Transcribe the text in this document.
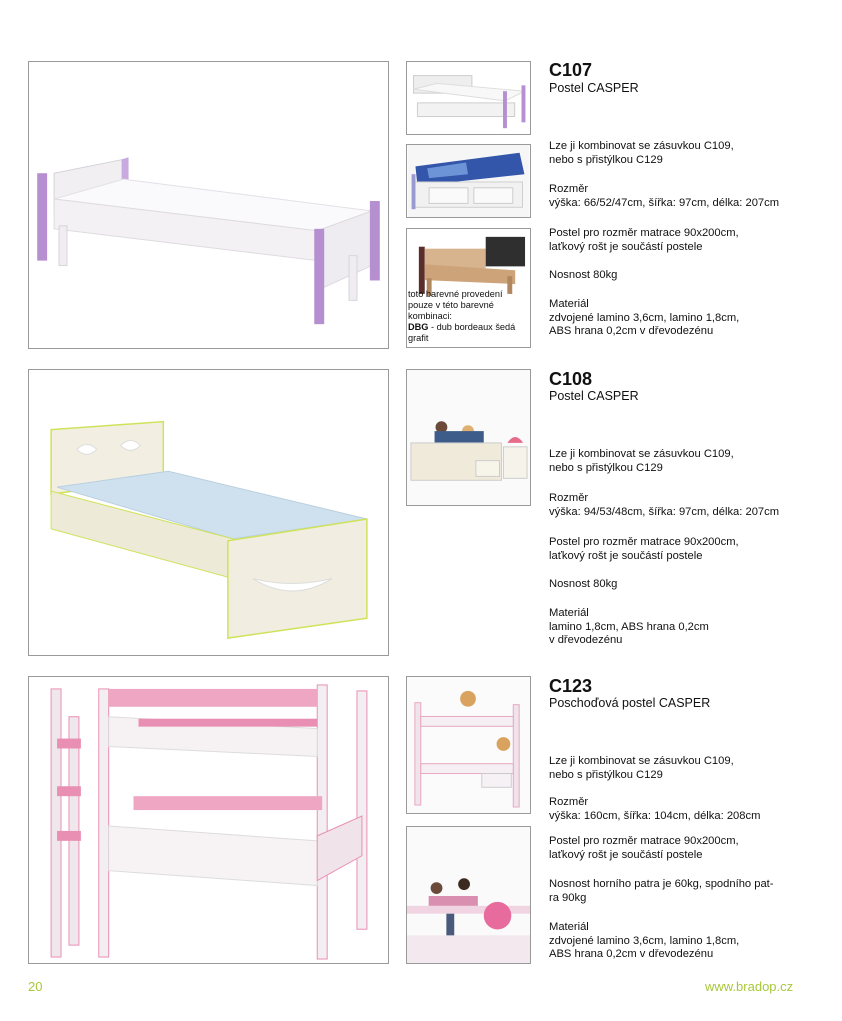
toto barevné provedení
pouze v této barevné
kombinaci:
DBG - dub bordeaux šedá
grafit
C107
Postel CASPER
Lze ji kombinovat se zásuvkou C109,
nebo s přistýlkou C129
Rozměr
výška: 66/52/47cm, šířka: 97cm, délka: 207cm
Postel pro rozměr matrace 90x200cm,
laťkový rošt je součástí postele
Nosnost 80kg
Materiál
zdvojené lamino 3,6cm, lamino 1,8cm,
ABS hrana 0,2cm v dřevodezénu
C108
Postel CASPER
Lze ji kombinovat se zásuvkou C109,
nebo s přistýlkou C129
Rozměr
výška: 94/53/48cm, šířka: 97cm, délka: 207cm
Postel pro rozměr matrace 90x200cm,
laťkový rošt je součástí postele
Nosnost 80kg
Materiál
lamino 1,8cm, ABS hrana 0,2cm
v dřevodezénu
C123
Poschoďová postel CASPER
Lze ji kombinovat se zásuvkou C109,
nebo s přistýlkou C129
Rozměr
výška: 160cm, šířka: 104cm, délka: 208cm
Postel pro rozměr matrace 90x200cm,
laťkový rošt je součástí postele
Nosnost horního patra je 60kg, spodního pat-
ra 90kg
Materiál
zdvojené lamino 3,6cm, lamino 1,8cm,
ABS hrana 0,2cm v dřevodezénu
20	www.bradop.cz
